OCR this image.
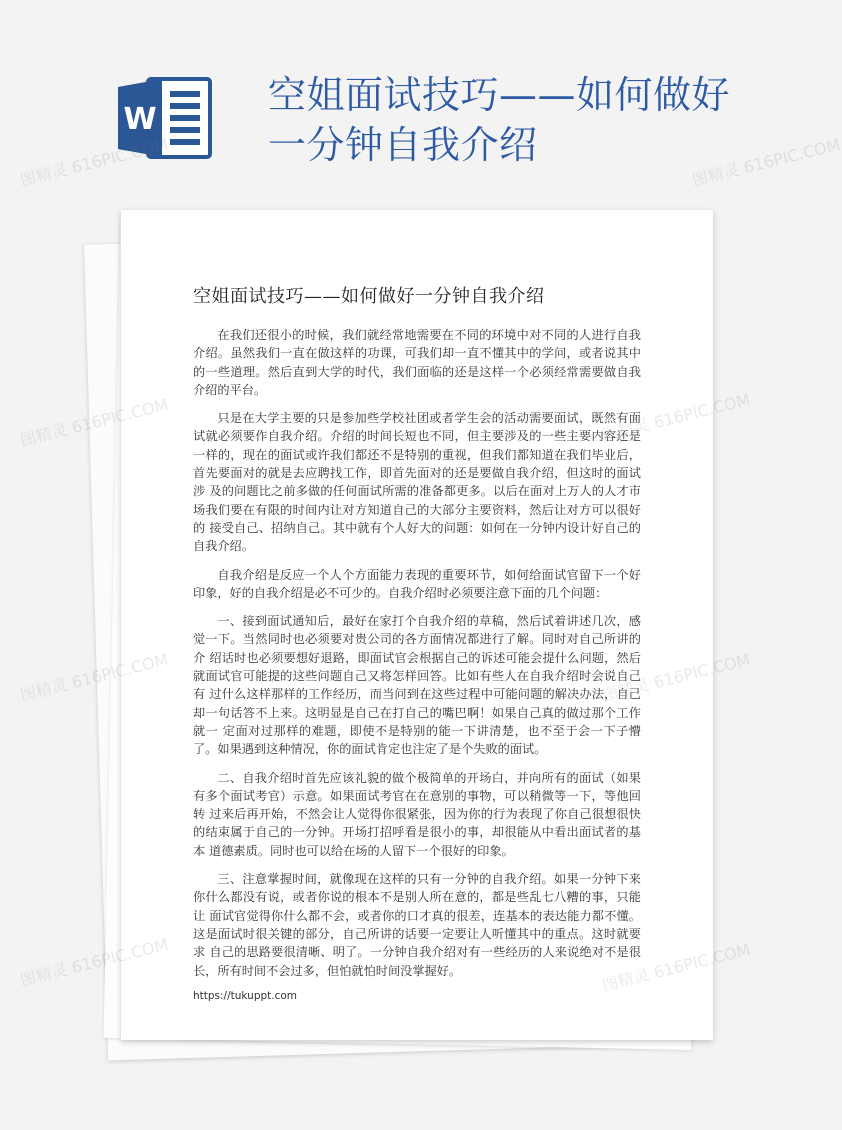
W
空姐面试技巧——如何做好一分钟自我介绍
空姐面试技巧——如何做好一分钟自我介绍

在我们还很小的时候，我们就经常地需要在不同的环境中对不同的人进行自我介绍。虽然我们一直在做这样的功课，可我们却一直不懂其中的学问，或者说其中的一些道理。然后直到大学的时代，我们面临的还是这样一个必须经常需要做自我介绍的平台。

只是在大学主要的只是参加些学校社团或者学生会的活动需要面试，既然有面试就必须要作自我介绍。介绍的时间长短也不同，但主要涉及的一些主要内容还是一样的，现在的面试或许我们都还不是特别的重视，但我们都知道在我们毕业后，首先要面对的就是去应聘找工作，即首先面对的还是要做自我介绍，但这时的面试涉 及的问题比之前多做的任何面试所需的准备都更多。以后在面对上万人的人才市场我们要在有限的时间内让对方知道自己的大部分主要资料，然后让对方可以很好的 接受自己、招纳自己。其中就有个人好大的问题：如何在一分钟内设计好自己的自我介绍。

自我介绍是反应一个人个方面能力表现的重要环节，如何给面试官留下一个好印象，好的自我介绍是必不可少的。自我介绍时必须要注意下面的几个问题：

一、接到面试通知后，最好在家打个自我介绍的草稿，然后试着讲述几次，感觉一下。当然同时也必须要对贵公司的各方面情况都进行了解。同时对自己所讲的介 绍话时也必须要想好退路，即面试官会根据自己的诉述可能会提什么问题，然后就面试官可能提的这些问题自己又将怎样回答。比如有些人在自我介绍时会说自己有 过什么这样那样的工作经历，而当问到在这些过程中可能问题的解决办法，自己却一句话答不上来。这明显是自己在打自己的嘴巴啊！如果自己真的做过那个工作就一 定面对过那样的难题，即使不是特别的能一下讲清楚，也不至于会一下子懵了。如果遇到这种情况，你的面试肯定也注定了是个失败的面试。

二、自我介绍时首先应该礼貌的做个极简单的开场白，并向所有的面试（如果有多个面试考官）示意。如果面试考官在在意别的事物，可以稍微等一下，等他回转 过来后再开始，不然会让人觉得你很紧张，因为你的行为表现了你自己很想很快的结束属于自己的一分钟。开场打招呼看是很小的事，却很能从中看出面试者的基本 道德素质。同时也可以给在场的人留下一个很好的印象。

三、注意掌握时间，就像现在这样的只有一分钟的自我介绍。如果一分钟下来你什么都没有说，或者你说的根本不是别人所在意的，都是些乱七八糟的事，只能让 面试官觉得你什么都不会，或者你的口才真的很差，连基本的表达能力都不懂。这是面试时很关键的部分，自己所讲的话要一定要让人听懂其中的重点。这时就要求 自己的思路要很清晰、明了。一分钟自我介绍对有一些经历的人来说绝对不是很长，所有时间不会过多，但怕就怕时间没掌握好。

https://tukuppt.com
图精灵 616PIC.COM	图精灵 616PIC.COM
图精灵
图精灵 616PIC.COM
图精灵 616PIC.COM
